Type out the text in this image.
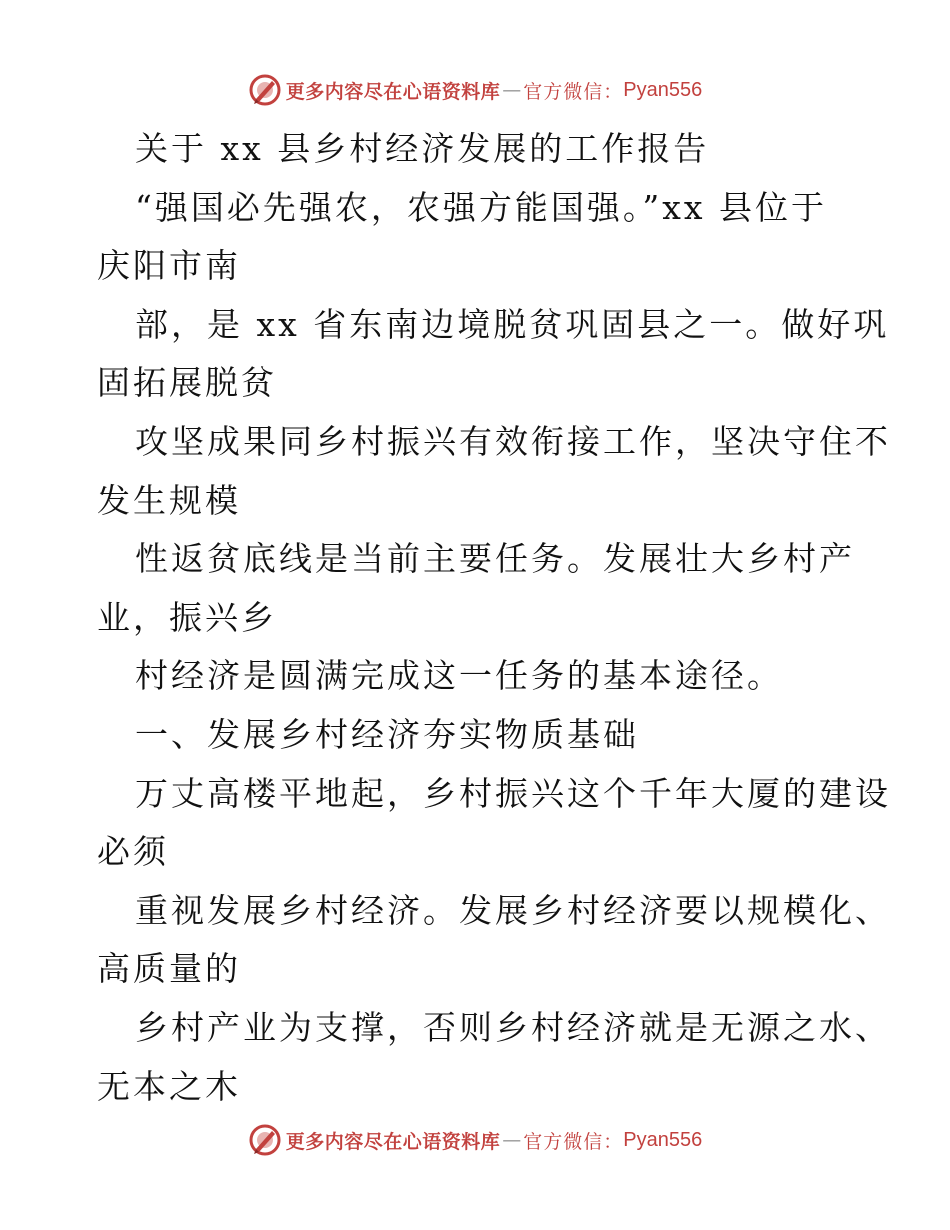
更多内容尽在心语资料库 — 官方微信： Pyan556
关于 xx 县乡村经济发展的工作报告
“强国必先强农，农强方能国强。”xx 县位于
庆阳市南
部，是 xx 省东南边境脱贫巩固县之一。做好巩
固拓展脱贫
攻坚成果同乡村振兴有效衔接工作，坚决守住不
发生规模
性返贫底线是当前主要任务。发展壮大乡村产
业，振兴乡
村经济是圆满完成这一任务的基本途径。
一、发展乡村经济夯实物质基础
万丈高楼平地起，乡村振兴这个千年大厦的建设
必须
重视发展乡村经济。发展乡村经济要以规模化、
高质量的
乡村产业为支撑，否则乡村经济就是无源之水、
无本之木
更多内容尽在心语资料库 — 官方微信： Pyan556
